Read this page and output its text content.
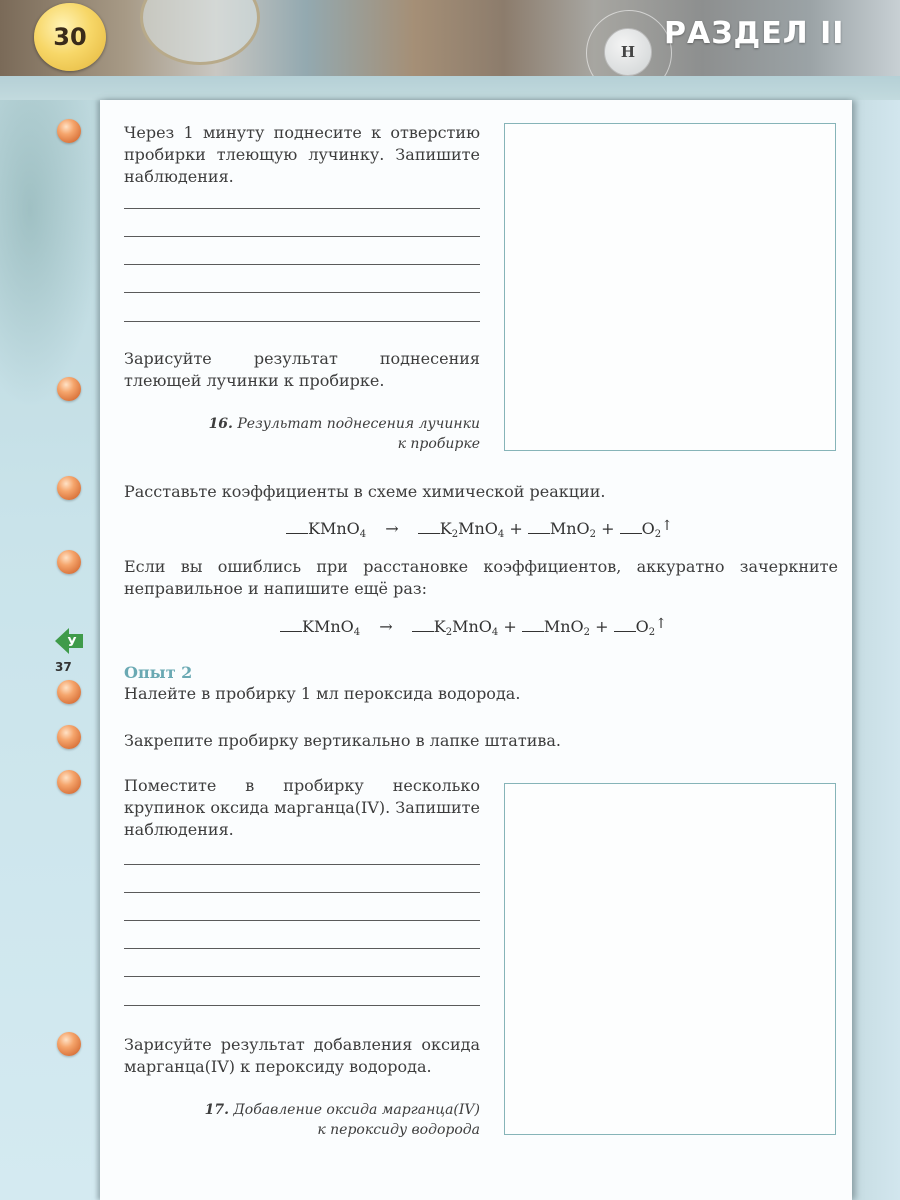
30
H
РАЗДЕЛ II
У
37
Через 1 минуту поднесите к отверстию пробирки тлеющую лучинку. Запишите наблюдения.
Зарисуйте результат поднесения тлеющей лучинки к пробирке.
16. Результат поднесения лучинки
к пробирке
Расставьте коэффициенты в схеме химической реакции.
KMnO$_4$ →	$K_2MnO_4 + MnO_2$ + $O_2↑$
Если вы ошиблись при расстановке коэффициентов, аккуратно зачеркните неправильное и напишите ещё раз:
KMnO$_4$ →	$K_2MnO_4 + MnO_2$ + $O_2↑$
Опыт 2
Налейте в пробирку 1 мл пероксида водорода.
Закрепите пробирку вертикально в лапке штатива.
Поместите в пробирку несколько крупинок оксида марганца(IV). Запишите наблюдения.
Зарисуйте результат добавления оксида марганца(IV) к пероксиду водорода.
17. Добавление оксида марганца(IV)
к пероксиду водорода
